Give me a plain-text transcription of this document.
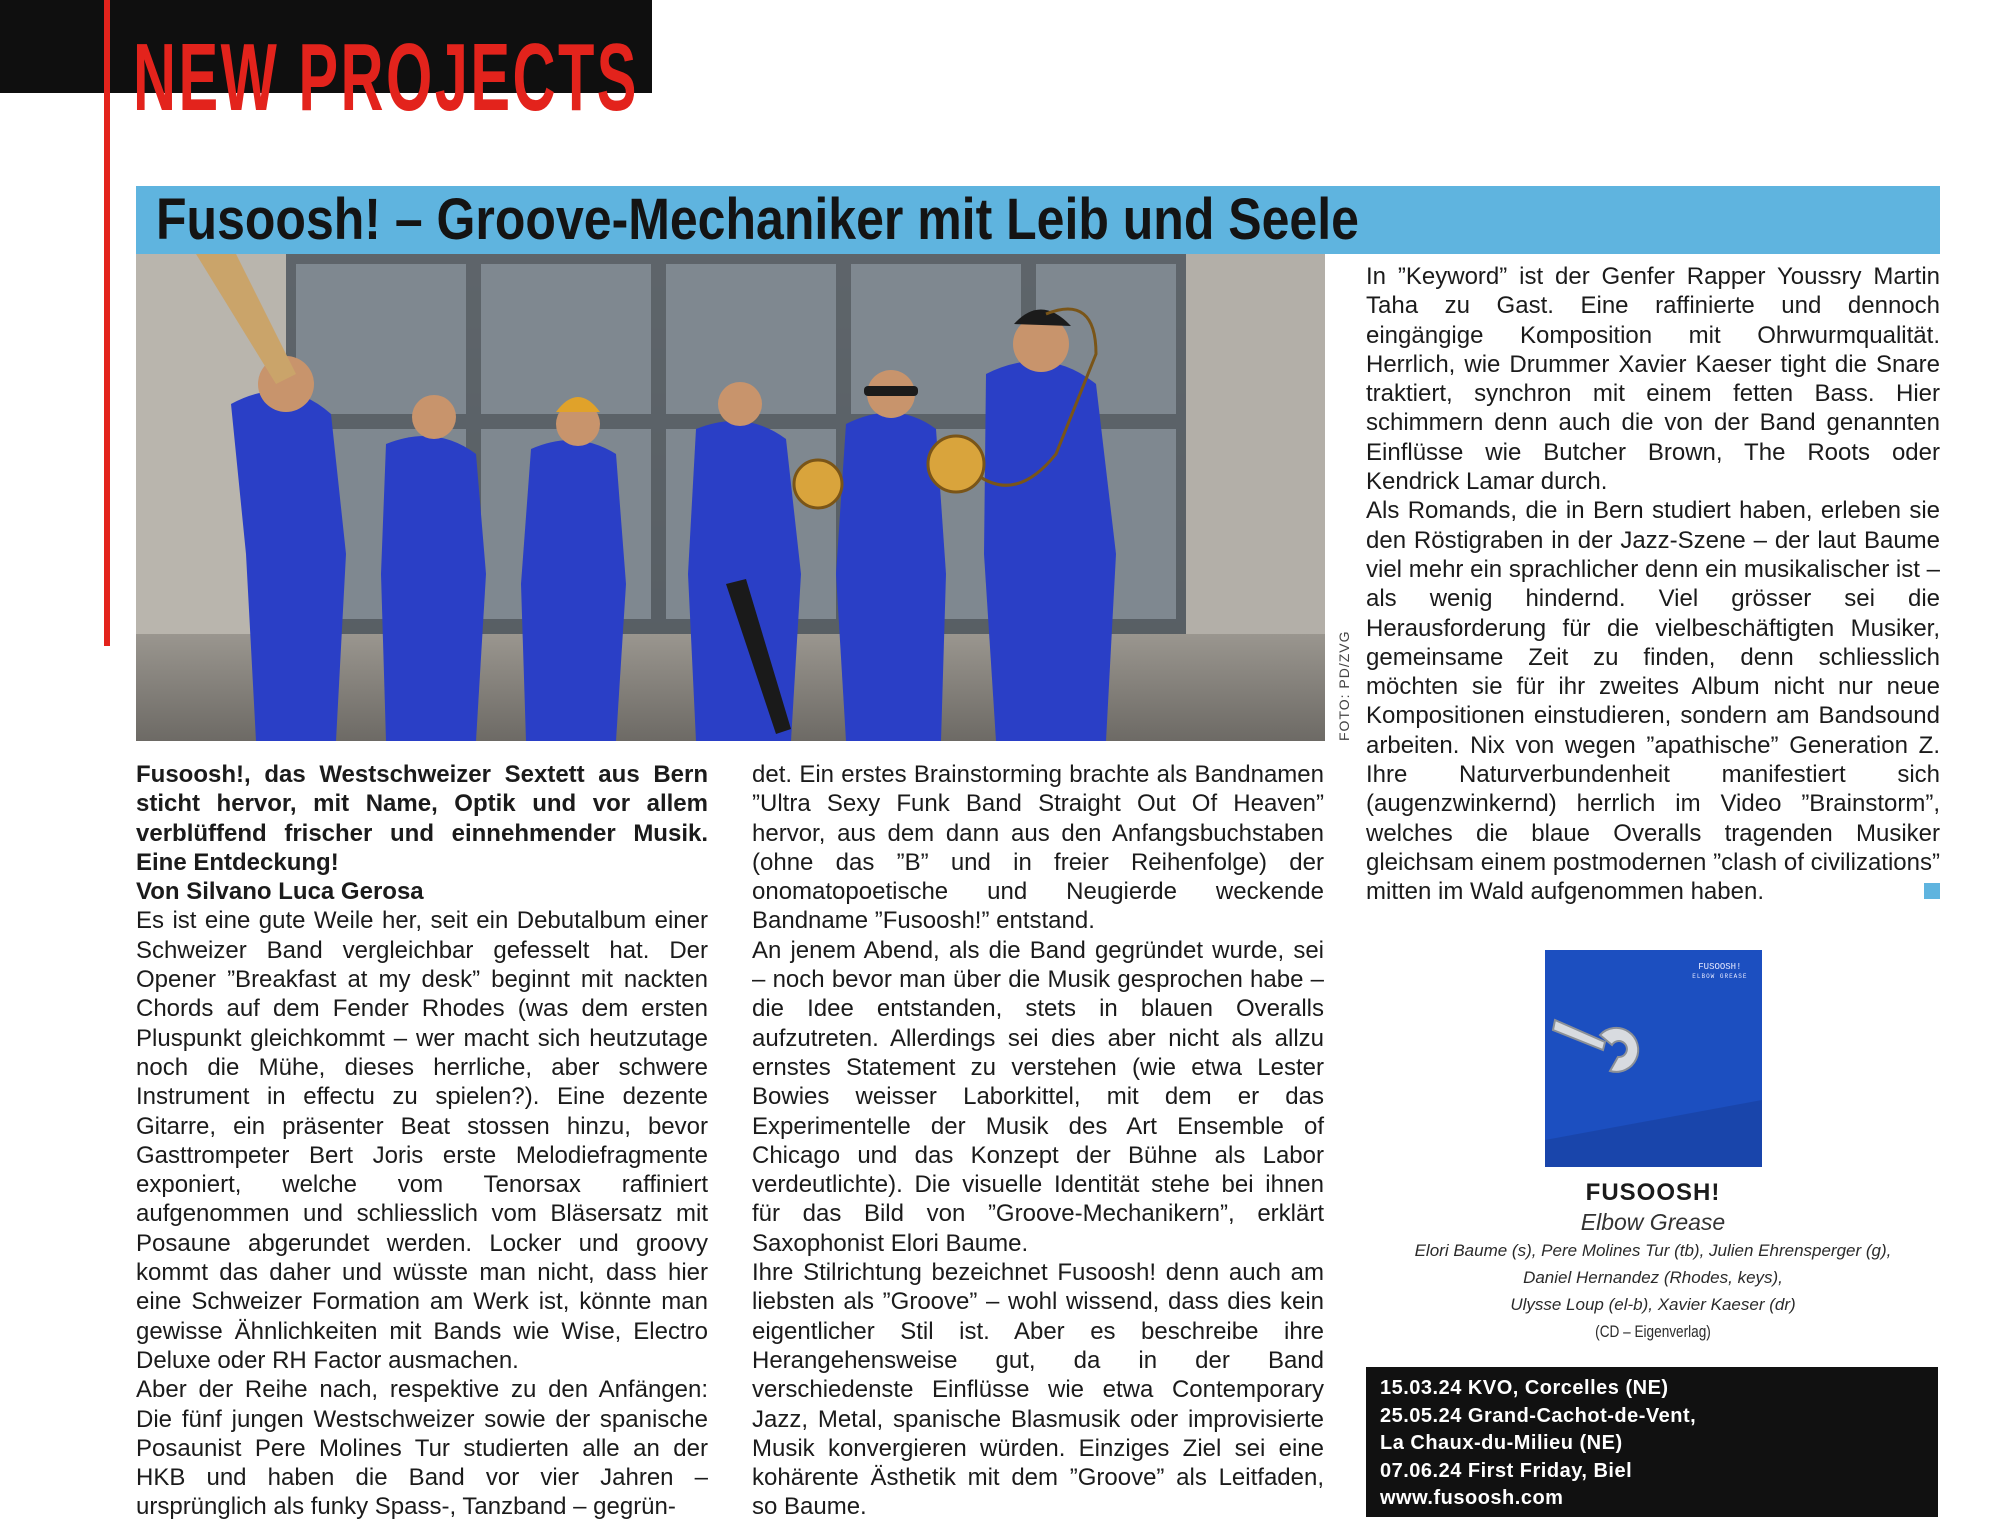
NEW PROJECTS
Fusoosh! – Groove-Mechaniker mit Leib und Seele

FOTO: PD/ZVG

Fusoosh!, das Westschweizer Sextett aus Bern sticht hervor, mit Name, Optik und vor allem verblüffend frischer und einnehmender Musik. Eine Entdeckung!

Von Silvano Luca Gerosa

Es ist eine gute Weile her, seit ein Debutalbum einer Schweizer Band vergleichbar gefesselt hat. Der Opener ”Breakfast at my desk” beginnt mit nackten Chords auf dem Fender Rhodes (was dem ersten Pluspunkt gleichkommt – wer macht sich heutzutage noch die Mühe, dieses herrliche, aber schwere Instrument in effectu zu spielen?). Eine dezente Gitarre, ein präsenter Beat stossen hinzu, bevor Gasttrompeter Bert Joris erste Melodiefragmente exponiert, welche vom Tenorsax raffiniert aufgenommen und schliesslich vom Bläsersatz mit Posaune abgerundet werden. Locker und groovy kommt das daher und wüsste man nicht, dass hier eine Schweizer Formation am Werk ist, könnte man gewisse Ähnlichkeiten mit Bands wie Wise, Electro Deluxe oder RH Factor ausmachen.

Aber der Reihe nach, respektive zu den Anfängen: Die fünf jungen Westschweizer sowie der spanische Posaunist Pere Molines Tur studierten alle an der HKB und haben die Band vor vier Jahren – ursprünglich als funky Spass-, Tanzband – gegrün-

det. Ein erstes Brainstorming brachte als Bandnamen ”Ultra Sexy Funk Band Straight Out Of Heaven” hervor, aus dem dann aus den Anfangsbuchstaben (ohne das ”B” und in freier Reihenfolge) der onomatopoetische und Neugierde weckende Bandname ”Fusoosh!” entstand.

An jenem Abend, als die Band gegründet wurde, sei – noch bevor man über die Musik gesprochen habe – die Idee entstanden, stets in blauen Overalls aufzutreten. Allerdings sei dies aber nicht als allzu ernstes Statement zu verstehen (wie etwa Lester Bowies weisser Laborkittel, mit dem er das Experimentelle der Musik des Art Ensemble of Chicago und das Konzept der Bühne als Labor verdeutlichte). Die visuelle Identität stehe bei ihnen für das Bild von ”Groove-Mechanikern”, erklärt Saxophonist Elori Baume.

Ihre Stilrichtung bezeichnet Fusoosh! denn auch am liebsten als ”Groove” – wohl wissend, dass dies kein eigentlicher Stil ist. Aber es beschreibe ihre Herangehensweise gut, da in der Band verschiedenste Einflüsse wie etwa Contemporary Jazz, Metal, spanische Blasmusik oder improvisierte Musik konvergieren würden. Einziges Ziel sei eine kohärente Ästhetik mit dem ”Groove” als Leitfaden, so Baume.

In ”Keyword” ist der Genfer Rapper Youssry Martin Taha zu Gast. Eine raffinierte und dennoch eingängige Komposition mit Ohrwurmqualität. Herrlich, wie Drummer Xavier Kaeser tight die Snare traktiert, synchron mit einem fetten Bass. Hier schimmern denn auch die von der Band genannten Einflüsse wie Butcher Brown, The Roots oder Kendrick Lamar durch.

Als Romands, die in Bern studiert haben, erleben sie den Röstigraben in der Jazz-Szene – der laut Baume viel mehr ein sprachlicher denn ein musikalischer ist – als wenig hindernd. Viel grösser sei die Herausforderung für die vielbeschäftigten Musiker, gemeinsame Zeit zu finden, denn schliesslich möchten sie für ihr zweites Album nicht nur neue Kompositionen einstudieren, sondern am Bandsound arbeiten. Nix von wegen ”apathische” Generation Z. Ihre Naturverbundenheit manifestiert sich (augenzwinkernd) herrlich im Video ”Brainstorm”, welches die blaue Overalls tragenden Musiker gleichsam einem postmodernen ”clash of civilizations” mitten im Wald aufgenommen haben.

FUSOOSH!
ELBOW GREASE

FUSOOSH!

Elbow Grease

Elori Baume (s), Pere Molines Tur (tb), Julien Ehrensperger (g),

Daniel Hernandez (Rhodes, keys),

Ulysse Loup (el-b), Xavier Kaeser (dr)

(CD – Eigenverlag)

15.03.24 KVO, Corcelles (NE)

25.05.24 Grand-Cachot-de-Vent,

La Chaux-du-Milieu (NE)

07.06.24 First Friday, Biel

www.fusoosh.com
